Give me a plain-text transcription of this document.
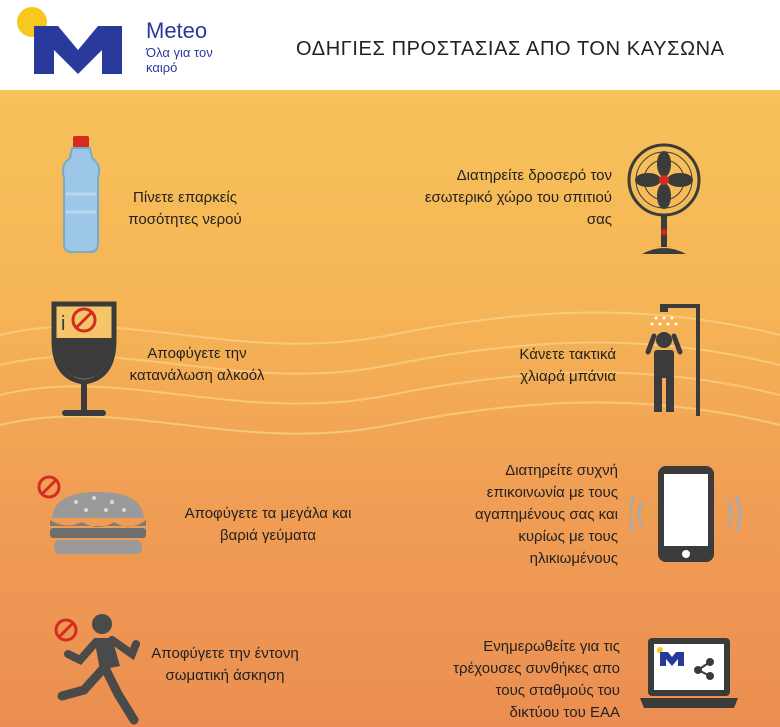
Meteo
Όλα για τον καιρό
ΟΔΗΓΙΕΣ ΠΡΟΣΤΑΣΙΑΣ ΑΠΟ ΤΟΝ ΚΑΥΣΩΝΑ
Πίνετε επαρκείς ποσότητες νερού
i
Αποφύγετε την κατανάλωση αλκοόλ
Αποφύγετε τα μεγάλα και βαριά γεύματα
Αποφύγετε την έντονη σωματική άσκηση
Διατηρείτε δροσερό τον εσωτερικό χώρο του σπιτιού σας
Κάνετε τακτικά χλιαρά μπάνια
Διατηρείτε συχνή επικοινωνία με τους αγαπημένους σας και κυρίως με τους ηλικιωμένους
Ενημερωθείτε για τις τρέχουσες συνθήκες απο τους σταθμούς του δικτύου του ΕΑΑ
